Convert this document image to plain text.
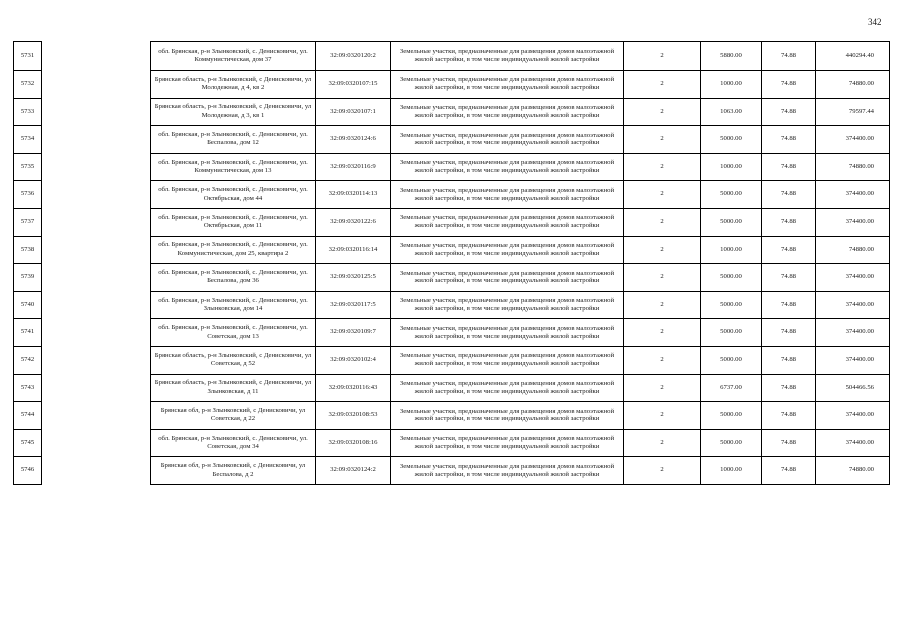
342
5731		обл. Брянская, р-н Злынковский, с. Денисковичи, ул. Коммунистическая, дом 37	32:09:0320120:2	Земельные участки, предназначенные для размещения домов малоэтажной жилой застройки, в том числе индивидуальной жилой застройки	2	5880.00	74.88	440294.40
5732		Брянская область, р-н Злынковский, с Денисковичи, ул Молодежная, д 4, кв 2	32:09:0320107:15	Земельные участки, предназначенные для размещения домов малоэтажной жилой застройки, в том числе индивидуальной жилой застройки	2	1000.00	74.88	74880.00
5733		Брянская область, р-н Злынковский, с Денисковичи, ул Молодежная, д 3, кв 1	32:09:0320107:1	Земельные участки, предназначенные для размещения домов малоэтажной жилой застройки, в том числе индивидуальной жилой застройки	2	1063.00	74.88	79597.44
5734		обл. Брянская, р-н Злынковский, с. Денисковичи, ул. Беспалова, дом 12	32:09:0320124:6	Земельные участки, предназначенные для размещения домов малоэтажной жилой застройки, в том числе индивидуальной жилой застройки	2	5000.00	74.88	374400.00
5735		обл. Брянская, р-н Злынковский, с. Денисковичи, ул. Коммунистическая, дом 13	32:09:0320116:9	Земельные участки, предназначенные для размещения домов малоэтажной жилой застройки, в том числе индивидуальной жилой застройки	2	1000.00	74.88	74880.00
5736		обл. Брянская, р-н Злынковский, с. Денисковичи, ул. Октябрьская, дом 44	32:09:0320114:13	Земельные участки, предназначенные для размещения домов малоэтажной жилой застройки, в том числе индивидуальной жилой застройки	2	5000.00	74.88	374400.00
5737		обл. Брянская, р-н Злынковский, с. Денисковичи, ул. Октябрьская, дом 11	32:09:0320122:6	Земельные участки, предназначенные для размещения домов малоэтажной жилой застройки, в том числе индивидуальной жилой застройки	2	5000.00	74.88	374400.00
5738		обл. Брянская, р-н Злынковский, с. Денисковичи, ул. Коммунистическая, дом 25, квартира 2	32:09:0320116:14	Земельные участки, предназначенные для размещения домов малоэтажной жилой застройки, в том числе индивидуальной жилой застройки	2	1000.00	74.88	74880.00
5739		обл. Брянская, р-н Злынковский, с. Денисковичи, ул. Беспалова, дом 36	32:09:0320125:5	Земельные участки, предназначенные для размещения домов малоэтажной жилой застройки, в том числе индивидуальной жилой застройки	2	5000.00	74.88	374400.00
5740		обл. Брянская, р-н Злынковский, с. Денисковичи, ул. Злынковская, дом 14	32:09:0320117:5	Земельные участки, предназначенные для размещения домов малоэтажной жилой застройки, в том числе индивидуальной жилой застройки	2	5000.00	74.88	374400.00
5741		обл. Брянская, р-н Злынковский, с. Денисковичи, ул. Советская, дом 13	32:09:0320109:7	Земельные участки, предназначенные для размещения домов малоэтажной жилой застройки, в том числе индивидуальной жилой застройки	2	5000.00	74.88	374400.00
5742		Брянская область, р-н Злынковский, с Денисковичи, ул Советская, д 52	32:09:0320102:4	Земельные участки, предназначенные для размещения домов малоэтажной жилой застройки, в том числе индивидуальной жилой застройки	2	5000.00	74.88	374400.00
5743		Брянская область, р-н Злынковский, с Денисковичи, ул Злынковская, д 11	32:09:0320116:43	Земельные участки, предназначенные для размещения домов малоэтажной жилой застройки, в том числе индивидуальной жилой застройки	2	6737.00	74.88	504466.56
5744		Брянская обл, р-н Злынковский, с Денисковичи, ул Советская, д 22	32:09:0320108:53	Земельные участки, предназначенные для размещения домов малоэтажной жилой застройки, в том числе индивидуальной жилой застройки	2	5000.00	74.88	374400.00
5745		обл. Брянская, р-н Злынковский, с. Денисковичи, ул. Советская, дом 34	32:09:0320108:16	Земельные участки, предназначенные для размещения домов малоэтажной жилой застройки, в том числе индивидуальной жилой застройки	2	5000.00	74.88	374400.00
5746		Брянская обл, р-н Злынковский, с Денисковичи, ул Беспалова, д 2	32:09:0320124:2	Земельные участки, предназначенные для размещения домов малоэтажной жилой застройки, в том числе индивидуальной жилой застройки	2	1000.00	74.88	74880.00
